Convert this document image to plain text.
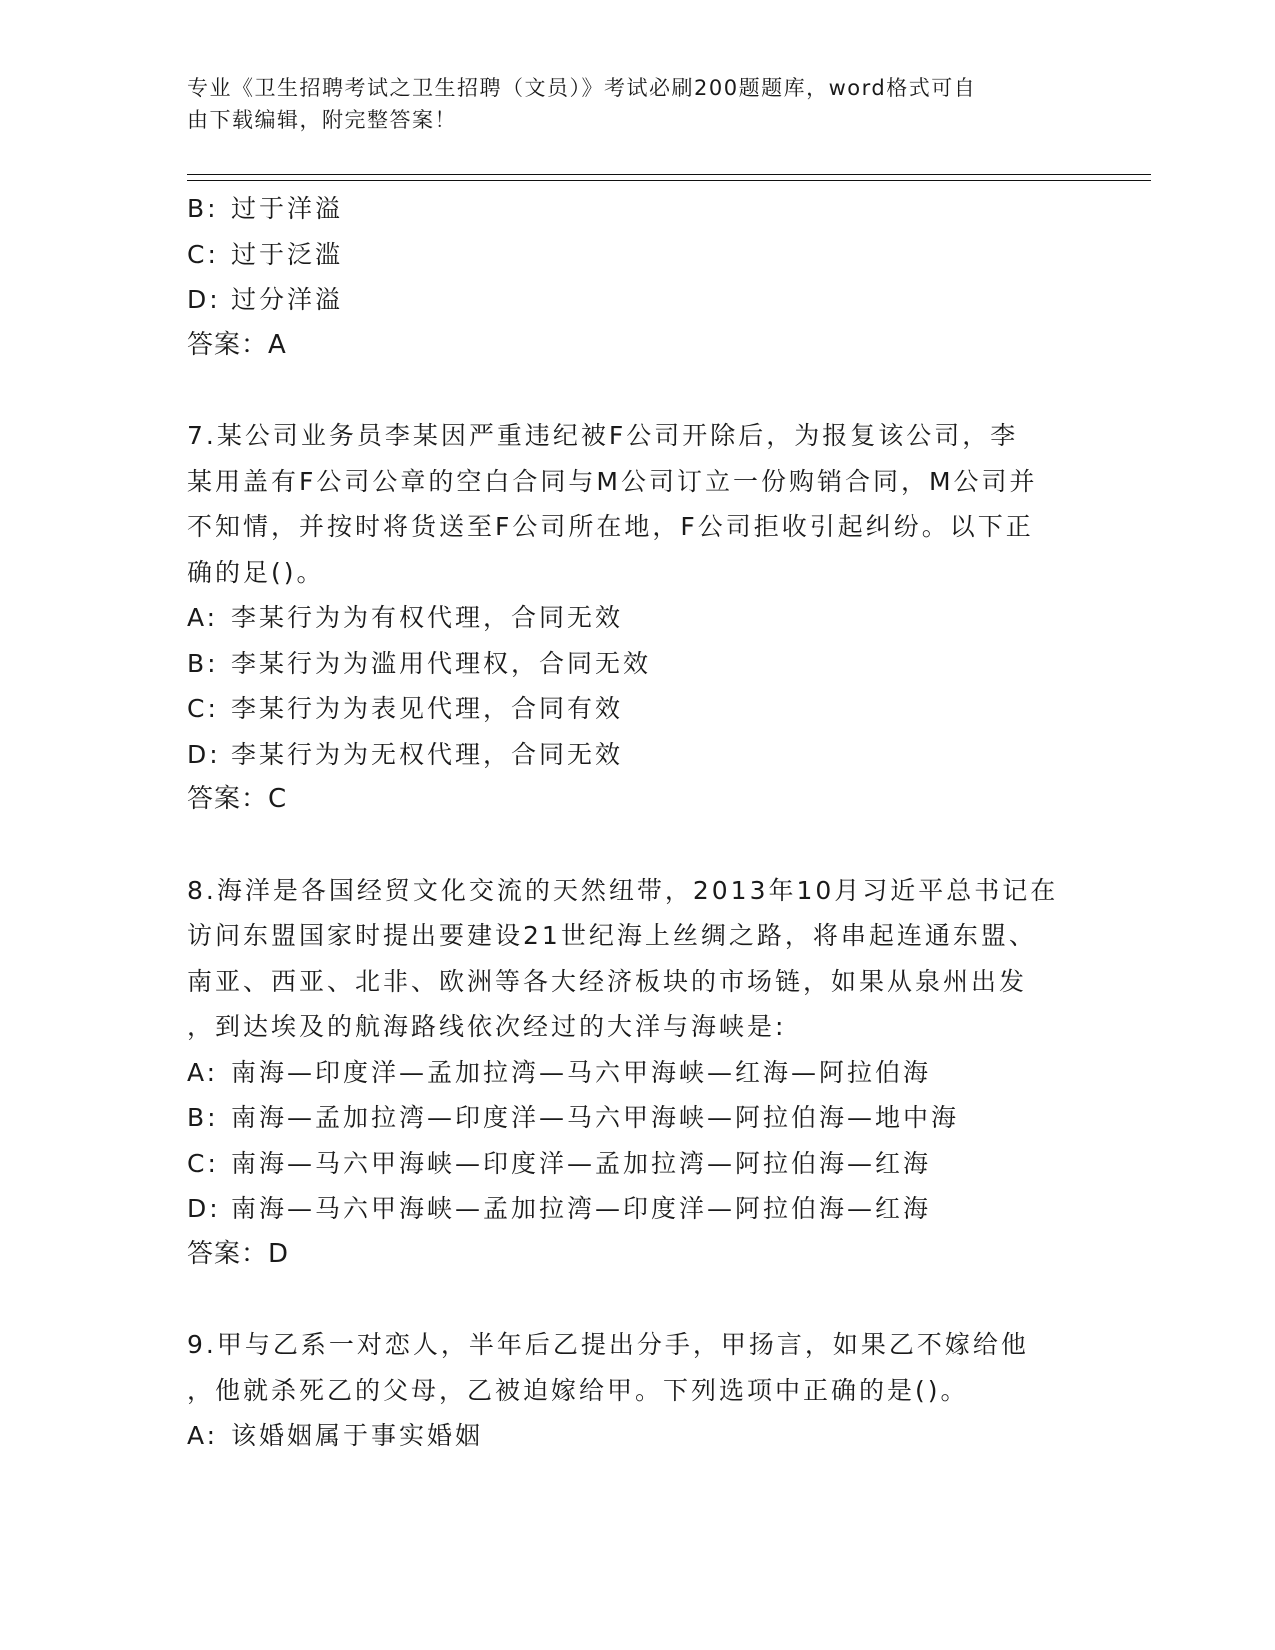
专业《卫生招聘考试之卫生招聘（文员）》考试必刷200题题库，word格式可自
由下载编辑，附完整答案！
B: 过于洋溢
C: 过于泛滥
D: 过分洋溢
答案：A
7.某公司业务员李某因严重违纪被F公司开除后，为报复该公司，李
某用盖有F公司公章的空白合同与M公司订立一份购销合同，M公司并
不知情，并按时将货送至F公司所在地，F公司拒收引起纠纷。以下正
确的足()。
A: 李某行为为有权代理，合同无效
B: 李某行为为滥用代理权，合同无效
C: 李某行为为表见代理，合同有效
D: 李某行为为无权代理，合同无效
答案：C
8.海洋是各国经贸文化交流的天然纽带，2013年10月习近平总书记在
访问东盟国家时提出要建设21世纪海上丝绸之路，将串起连通东盟、
南亚、西亚、北非、欧洲等各大经济板块的市场链，如果从泉州出发
，到达埃及的航海路线依次经过的大洋与海峡是:
A: 南海—印度洋—孟加拉湾—马六甲海峡—红海—阿拉伯海
B: 南海—孟加拉湾—印度洋—马六甲海峡—阿拉伯海—地中海
C: 南海—马六甲海峡—印度洋—孟加拉湾—阿拉伯海—红海
D: 南海—马六甲海峡—孟加拉湾—印度洋—阿拉伯海—红海
答案：D
9.甲与乙系一对恋人，半年后乙提出分手，甲扬言，如果乙不嫁给他
，他就杀死乙的父母，乙被迫嫁给甲。下列选项中正确的是()。
A: 该婚姻属于事实婚姻
